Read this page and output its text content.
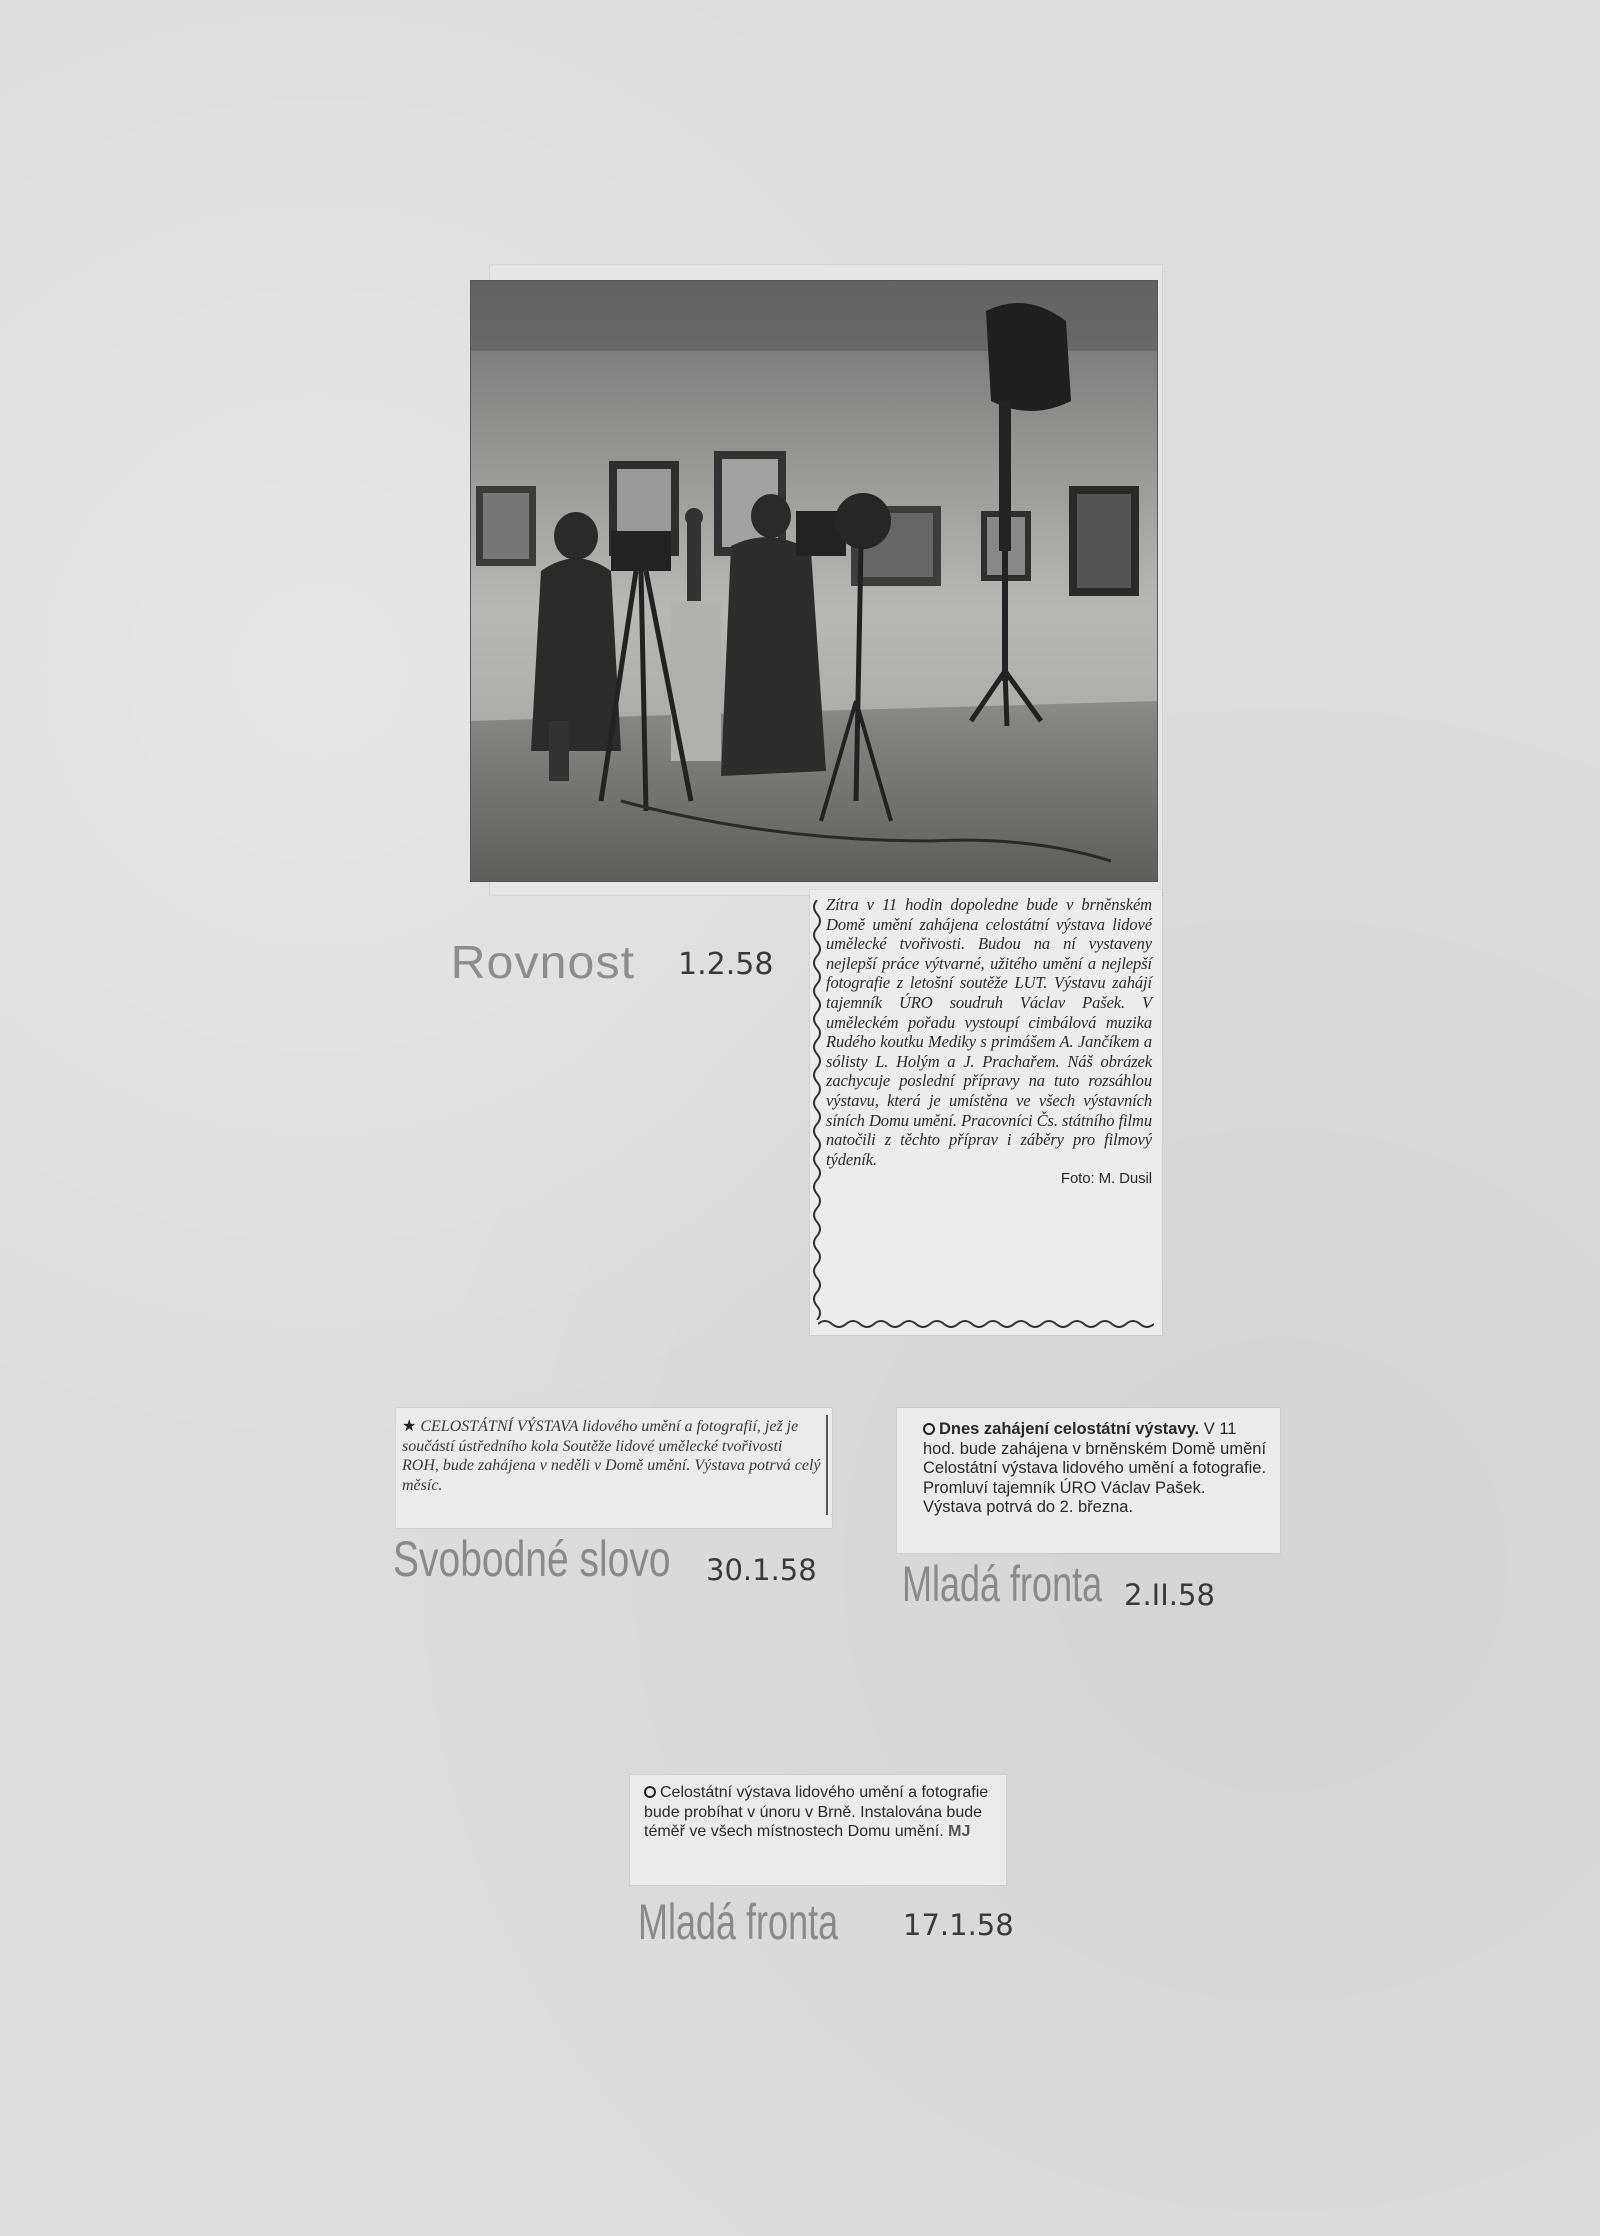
Zítra v 11 hodin dopoledne bude v brněnském Domě umění zahájena celostátní výstava lidové umělecké tvořivosti. Budou na ní vystaveny nejlepší práce výtvarné, užitého umění a nejlepší fotografie z letošní soutěže LUT. Výstavu zahájí tajemník ÚRO soudruh Václav Pašek. V uměleckém pořadu vystoupí cimbálová muzika Rudého koutku Mediky s primášem A. Jančíkem a sólisty L. Holým a J. Prachařem. Náš obrázek zachycuje poslední přípravy na tuto rozsáhlou výstavu, která je umístěna ve všech výstavních síních Domu umění. Pracovníci Čs. státního filmu natočili z těchto příprav i záběry pro filmový týdeník.
Foto: M. Dusil
Rovnost 1.2.58
★ CELOSTÁTNÍ VÝSTAVA lidového umění a fotografií, jež je součástí ústředního kola Soutěže lidové umělecké tvořivosti ROH, bude zahájena v neděli v Domě umění. Výstava potrvá celý měsíc.
Svobodné slovo 30.1.58
Dnes zahájení celostátní výstavy. V 11 hod. bude zahájena v brněnském Domě umění Celostátní výstava lidového umění a fotografie. Promluví tajemník ÚRO Václav Pašek. Výstava potrvá do 2. března.
Mladá fronta 2.II.58
Celostátní výstava lidového umění a fotografie bude probíhat v únoru v Brně. Instalována bude téměř ve všech místnostech Domu umění. MJ
Mladá fronta 17.1.58
